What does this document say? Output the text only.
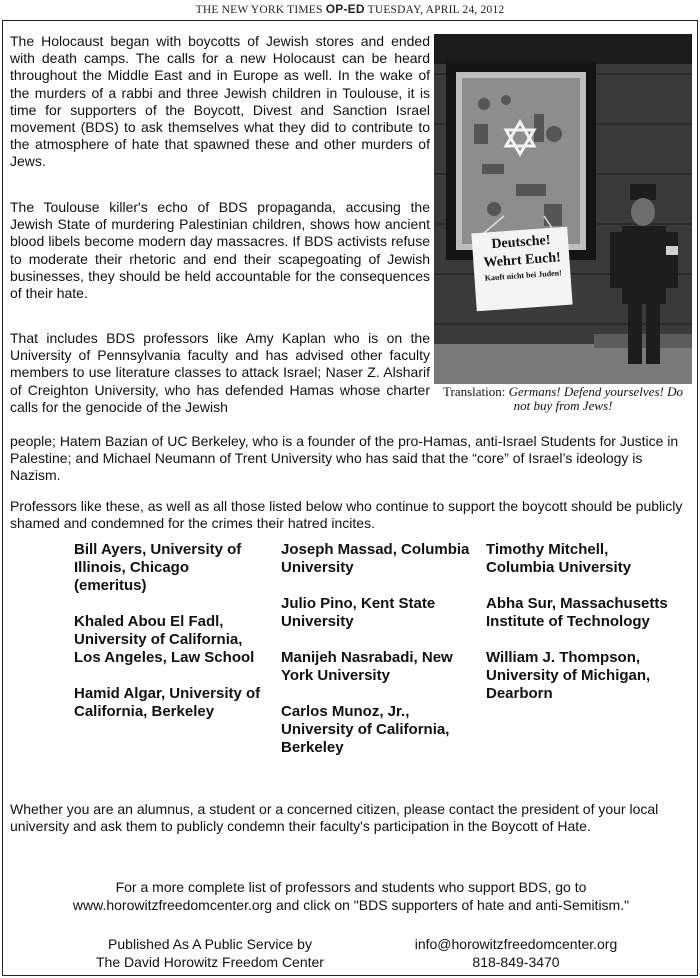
THE NEW YORK TIMES OP-ED TUESDAY, APRIL 24, 2012

The Holocaust began with boycotts of Jewish stores and ended with death camps. The calls for a new Holocaust can be heard throughout the Middle East and in Europe as well. In the wake of the murders of a rabbi and three Jewish children in Toulouse, it is time for supporters of the Boycott, Divest and Sanction Israel movement (BDS) to ask themselves what they did to contribute to the atmosphere of hate that spawned these and other murders of Jews.

The Toulouse killer's echo of BDS propaganda, accusing the Jewish State of murdering Palestinian children, shows how ancient blood libels become modern day massacres. If BDS activists refuse to moderate their rhetoric and end their scapegoating of Jewish businesses, they should be held accountable for the consequences of their hate.

That includes BDS professors like Amy Kaplan who is on the University of Pennsylvania faculty and has advised other faculty members to use literature classes to attack Israel; Naser Z. Alsharif of Creighton University, who has defended Hamas whose charter calls for the genocide of the Jewish

people; Hatem Bazian of UC Berkeley, who is a founder of the pro-Hamas, anti-Israel Students for Justice in Palestine; and Michael Neumann of Trent University who has said that the “core” of Israel’s ideology is Nazism.

Professors like these, as well as all those listed below who continue to support the boycott should be publicly shamed and condemned for the crimes their hatred incites.

Deutsche!
Wehrt Euch!
Kauft nicht bei Juden!
Translation: Germans! Defend yourselves! Do not buy from Jews!

Bill Ayers, University of Illinois, Chicago (emeritus)

Khaled Abou El Fadl, University of California, Los Angeles, Law School

Hamid Algar, University of California, Berkeley

Joseph Massad, Columbia University

Julio Pino, Kent State University

Manijeh Nasrabadi, New York University

Carlos Munoz, Jr., University of California, Berkeley

Timothy Mitchell, Columbia University

Abha Sur, Massachusetts Institute of Technology

William J. Thompson, University of Michigan, Dearborn

Whether you are an alumnus, a student or a concerned citizen, please contact the president of your local university and ask them to publicly condemn their faculty's participation in the Boycott of Hate.

For a more complete list of professors and students who support BDS, go to
www.horowitzfreedomcenter.org and click on "BDS supporters of hate and anti-Semitism."
Published As A Public Service by
The David Horowitz Freedom Center
info@horowitzfreedomcenter.org
818-849-3470
